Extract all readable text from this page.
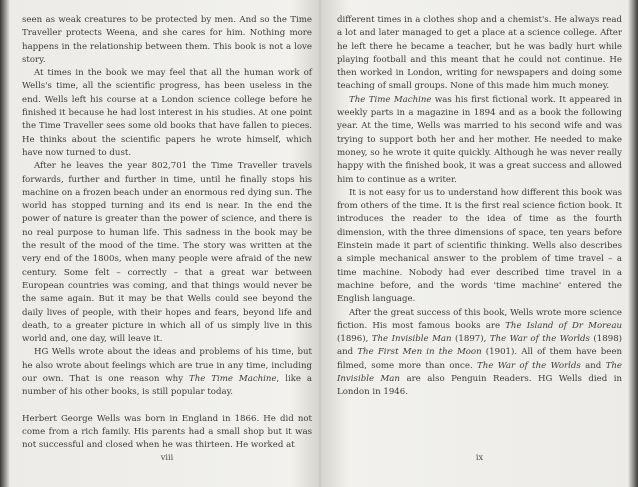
seen as weak creatures to be protected by men. And so the Time Traveller protects Weena, and she cares for him. Nothing more happens in the relationship between them. This book is not a love story.

At times in the book we may feel that all the human work of Wells's time, all the scientific progress, has been useless in the end. Wells left his course at a London science college before he finished it because he had lost interest in his studies. At one point the Time Traveller sees some old books that have fallen to pieces. He thinks about the scientific papers he wrote himself, which have now turned to dust.

After he leaves the year 802,701 the Time Traveller travels forwards, further and further in time, until he finally stops his machine on a frozen beach under an enormous red dying sun. The world has stopped turning and its end is near. In the end the power of nature is greater than the power of science, and there is no real purpose to human life. This sadness in the book may be the result of the mood of the time. The story was written at the very end of the 1800s, when many people were afraid of the new century. Some felt – correctly – that a great war between European countries was coming, and that things would never be the same again. But it may be that Wells could see beyond the daily lives of people, with their hopes and fears, beyond life and death, to a greater picture in which all of us simply live in this world and, one day, will leave it.

HG Wells wrote about the ideas and problems of his time, but he also wrote about feelings which are true in any time, including our own. That is one reason why The Time Machine, like a number of his other books, is still popular today.

Herbert George Wells was born in England in 1866. He did not come from a rich family. His parents had a small shop but it was not successful and closed when he was thirteen. He worked at

viii

different times in a clothes shop and a chemist's. He always read a lot and later managed to get a place at a science college. After he left there he became a teacher, but he was badly hurt while playing football and this meant that he could not continue. He then worked in London, writing for newspapers and doing some teaching of small groups. None of this made him much money.

The Time Machine was his first fictional work. It appeared in weekly parts in a magazine in 1894 and as a book the following year. At the time, Wells was married to his second wife and was trying to support both her and her mother. He needed to make money, so he wrote it quite quickly. Although he was never really happy with the finished book, it was a great success and allowed him to continue as a writer.

It is not easy for us to understand how different this book was from others of the time. It is the first real science fiction book. It introduces the reader to the idea of time as the fourth dimension, with the three dimensions of space, ten years before Einstein made it part of scientific thinking. Wells also describes a simple mechanical answer to the problem of time travel – a time machine. Nobody had ever described time travel in a machine before, and the words 'time machine' entered the English language.

After the great success of this book, Wells wrote more science fiction. His most famous books are The Island of Dr Moreau (1896), The Invisible Man (1897), The War of the Worlds (1898) and The First Men in the Moon (1901). All of them have been filmed, some more than once. The War of the Worlds and The Invisible Man are also Penguin Readers. HG Wells died in London in 1946.

ix
